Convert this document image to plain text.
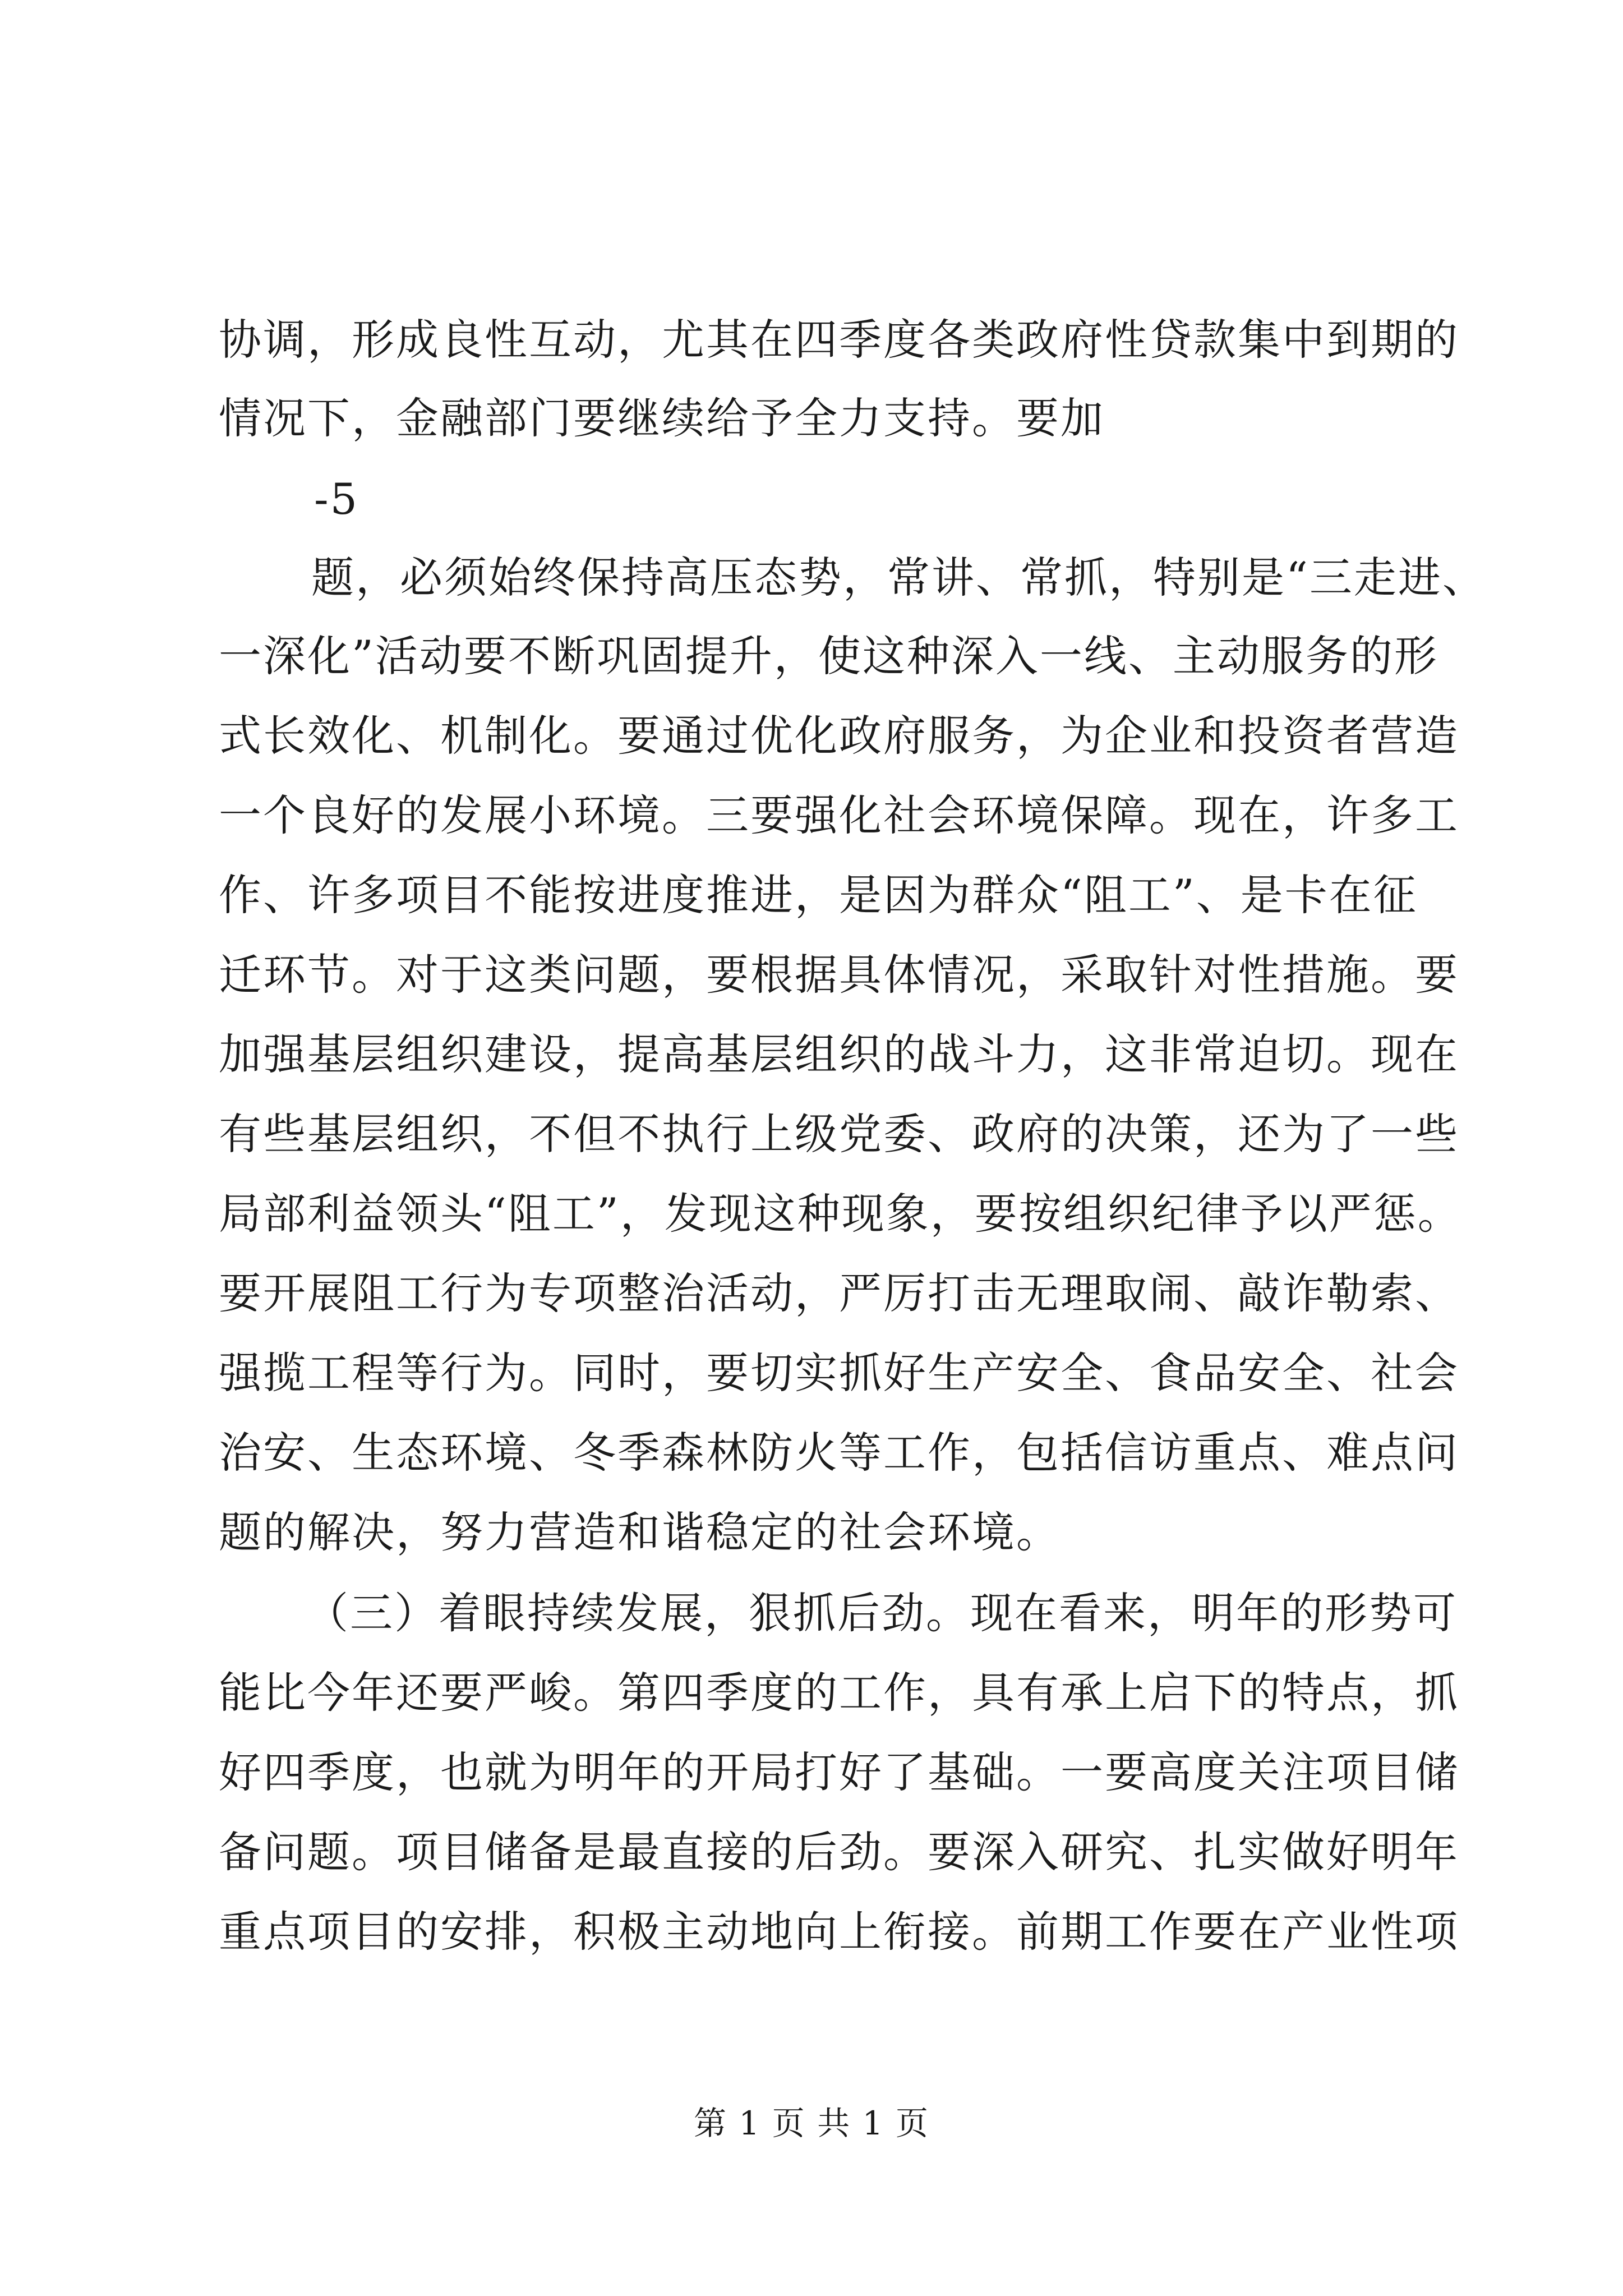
协调，形成良性互动，尤其在四季度各类政府性贷款集中到期的
情况下，金融部门要继续给予全力支持。要加
-5
题，必须始终保持高压态势，常讲、常抓，特别是“三走进、
一深化”活动要不断巩固提升，使这种深入一线、主动服务的形
式长效化、机制化。要通过优化政府服务，为企业和投资者营造
一个良好的发展小环境。三要强化社会环境保障。现在，许多工
作、许多项目不能按进度推进，是因为群众“阻工”、是卡在征
迁环节。对于这类问题，要根据具体情况，采取针对性措施。要
加强基层组织建设，提高基层组织的战斗力，这非常迫切。现在
有些基层组织，不但不执行上级党委、政府的决策，还为了一些
局部利益领头“阻工”，发现这种现象，要按组织纪律予以严惩。
要开展阻工行为专项整治活动，严厉打击无理取闹、敲诈勒索、
强揽工程等行为。同时，要切实抓好生产安全、食品安全、社会
治安、生态环境、冬季森林防火等工作，包括信访重点、难点问
题的解决，努力营造和谐稳定的社会环境。
（三）着眼持续发展，狠抓后劲。现在看来，明年的形势可
能比今年还要严峻。第四季度的工作，具有承上启下的特点，抓
好四季度，也就为明年的开局打好了基础。一要高度关注项目储
备问题。项目储备是最直接的后劲。要深入研究、扎实做好明年
重点项目的安排，积极主动地向上衔接。前期工作要在产业性项
第 1 页 共 1 页
